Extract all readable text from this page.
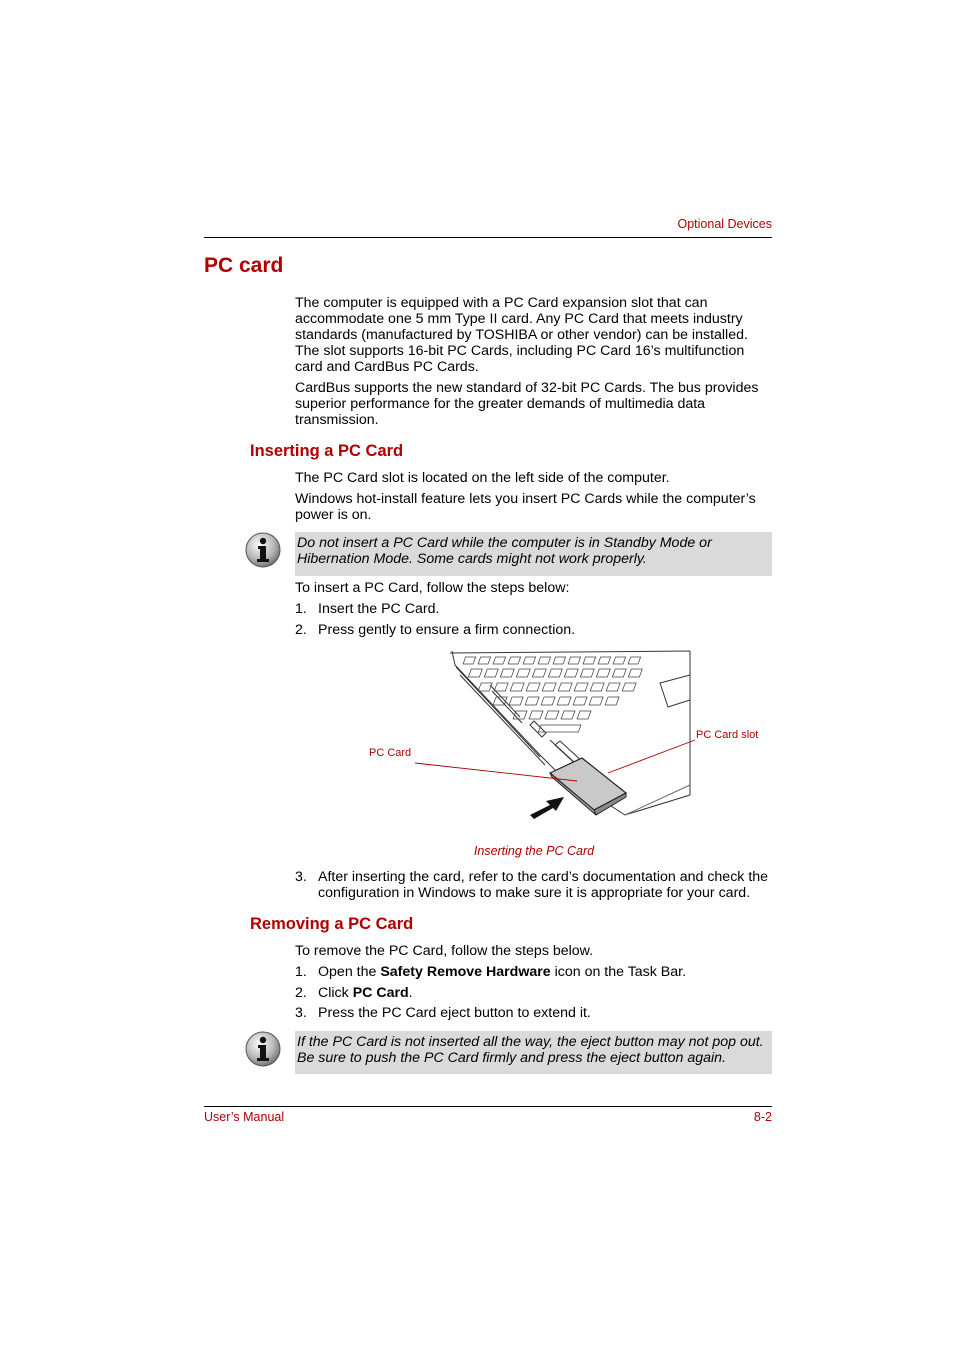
Optional Devices
PC card
The computer is equipped with a PC Card expansion slot that can accommodate one 5 mm Type II card. Any PC Card that meets industry standards (manufactured by TOSHIBA or other vendor) can be installed. The slot supports 16-bit PC Cards, including PC Card 16’s multifunction card and CardBus PC Cards.
CardBus supports the new standard of 32-bit PC Cards. The bus provides superior performance for the greater demands of multimedia data transmission.
Inserting a PC Card
The PC Card slot is located on the left side of the computer.
Windows hot-install feature lets you insert PC Cards while the computer’s power is on.
Do not insert a PC Card while the computer is in Standby Mode or Hibernation Mode. Some cards might not work properly.
To insert a PC Card, follow the steps below:
1. Insert the PC Card.
2. Press gently to ensure a firm connection.
PC Card
PC Card slot
Inserting the PC Card
3. After inserting the card, refer to the card’s documentation and check the configuration in Windows to make sure it is appropriate for your card.
Removing a PC Card
To remove the PC Card, follow the steps below.
1. Open the Safety Remove Hardware icon on the Task Bar.
2. Click PC Card.
3. Press the PC Card eject button to extend it.
If the PC Card is not inserted all the way, the eject button may not pop out. Be sure to push the PC Card firmly and press the eject button again.
User’s Manual	8-2
